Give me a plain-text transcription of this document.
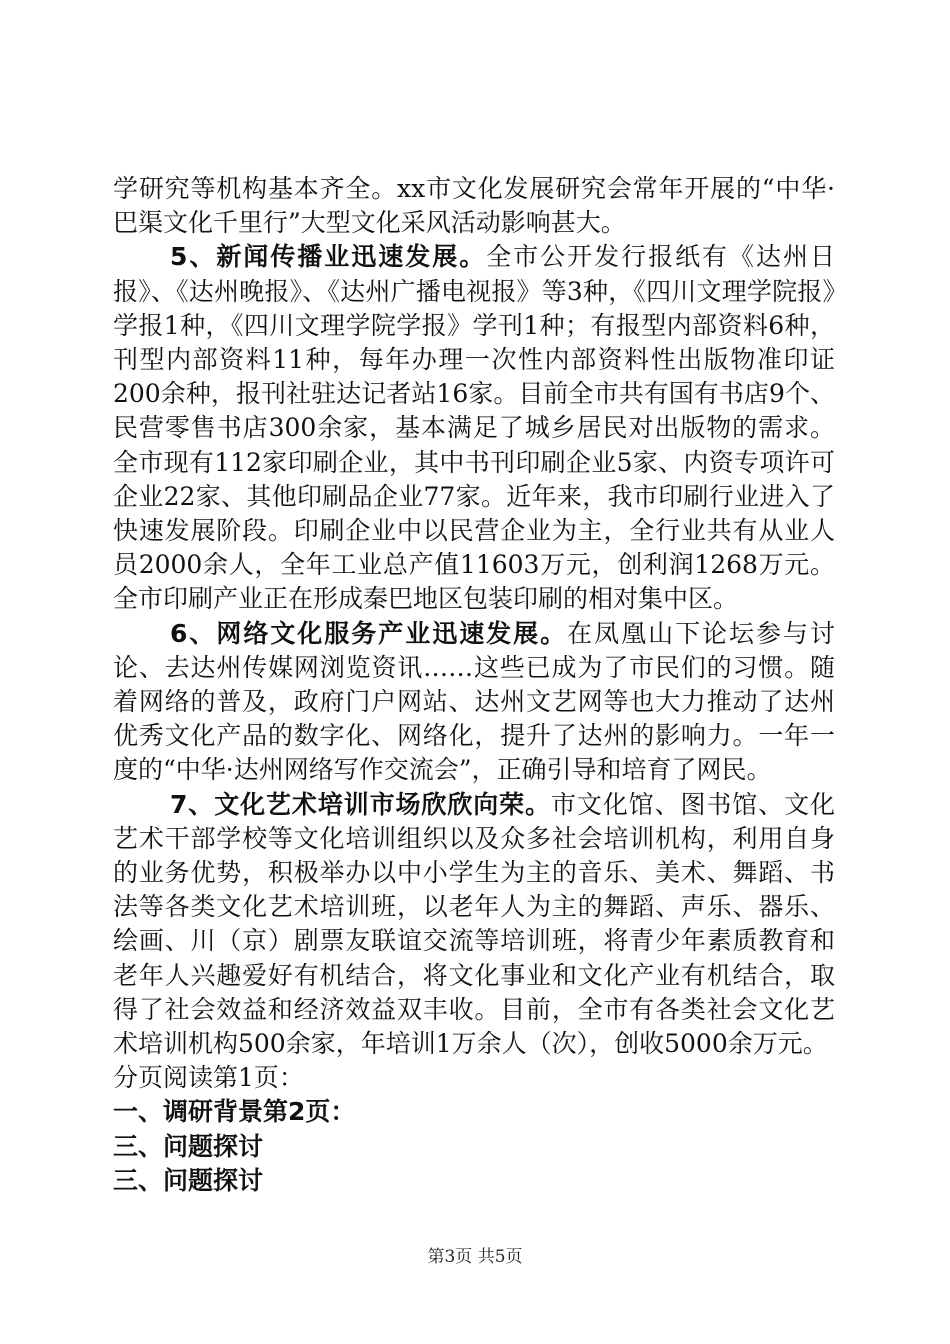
学研究等机构基本齐全。xx市文化发展研究会常年开展的“中华·巴渠文化千里行”大型文化采风活动影响甚大。

5、新闻传播业迅速发展。全市公开发行报纸有《达州日报》、《达州晚报》、《达州广播电视报》等3种，《四川文理学院报》学报1种，《四川文理学院学报》学刊1种；有报型内部资料6种，刊型内部资料11种，每年办理一次性内部资料性出版物准印证200余种，报刊社驻达记者站16家。目前全市共有国有书店9个、民营零售书店300余家，基本满足了城乡居民对出版物的需求。全市现有112家印刷企业，其中书刊印刷企业5家、内资专项许可企业22家、其他印刷品企业77家。近年来，我市印刷行业进入了快速发展阶段。印刷企业中以民营企业为主，全行业共有从业人员2000余人，全年工业总产值11603万元，创利润1268万元。全市印刷产业正在形成秦巴地区包装印刷的相对集中区。

6、网络文化服务产业迅速发展。在凤凰山下论坛参与讨论、去达州传媒网浏览资讯……这些已成为了市民们的习惯。随着网络的普及，政府门户网站、达州文艺网等也大力推动了达州优秀文化产品的数字化、网络化，提升了达州的影响力。一年一度的“中华·达州网络写作交流会”，正确引导和培育了网民。

7、文化艺术培训市场欣欣向荣。市文化馆、图书馆、文化艺术干部学校等文化培训组织以及众多社会培训机构，利用自身的业务优势，积极举办以中小学生为主的音乐、美术、舞蹈、书法等各类文化艺术培训班，以老年人为主的舞蹈、声乐、器乐、绘画、川（京）剧票友联谊交流等培训班，将青少年素质教育和老年人兴趣爱好有机结合，将文化事业和文化产业有机结合，取得了社会效益和经济效益双丰收。目前，全市有各类社会文化艺术培训机构500余家，年培训1万余人（次），创收5000余万元。

分页阅读第1页：

一、调研背景第2页：

三、问题探讨

三、问题探讨

第3页 共5页
